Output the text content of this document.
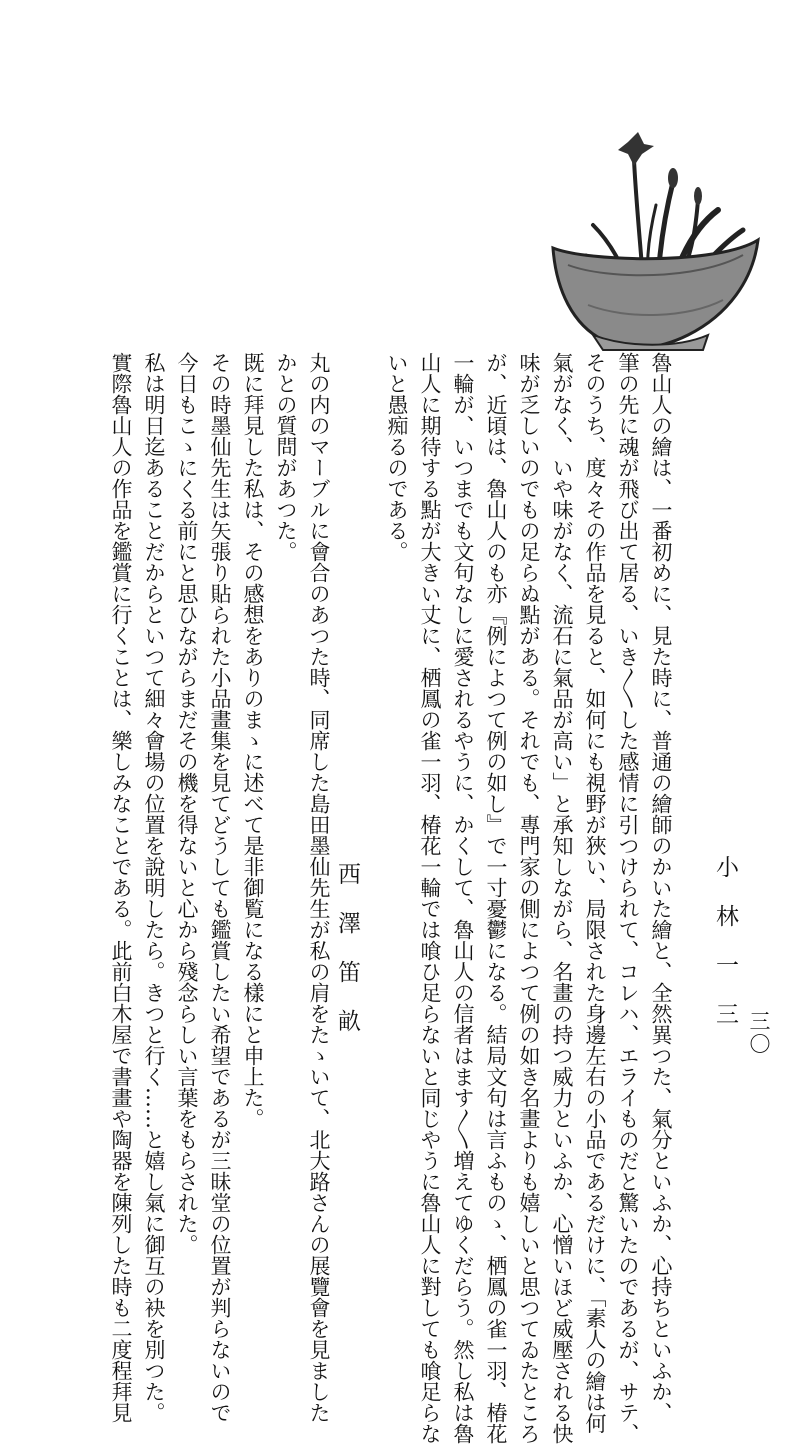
三〇
小林一三
魯山人の繪は、一番初めに、見た時に、普通の繪師のかいた繪と、全然異つた、氣分といふか、心持ちといふか、
筆の先に魂が飛び出て居る、いき〳〵した感情に引つけられて、コレハ、エライものだと驚いたのであるが、サテ、
そのうち、度々その作品を見ると、如何にも視野が狹い、局限された身邊左右の小品であるだけに、「素人の繪は何
氣がなく、いや味がなく、流石に氣品が高い」と承知しながら、名畫の持つ威力といふか、心憎いほど威壓される快
味が乏しいのでもの足らぬ點がある。それでも、專門家の側によつて例の如き名畫よりも嬉しいと思つてゐたところ
が、近頃は、魯山人のも亦『例によつて例の如し』で一寸憂鬱になる。結局文句は言ふものゝ、栖鳳の雀一羽、椿花
一輪が、いつまでも文句なしに愛されるやうに、かくして、魯山人の信者はます〳〵増えてゆくだらう。然し私は魯
山人に期待する點が大きい丈に、栖鳳の雀一羽、椿花一輪では喰ひ足らないと同じやうに魯山人に對しても喰足らな
いと愚痴るのである。
西澤笛畝
丸の内のマーブルに會合のあつた時、同席した島田墨仙先生が私の肩をたゝいて、北大路さんの展覽會を見ました
かとの質問があつた。
既に拜見した私は、その感想をありのまゝに述べて是非御覧になる樣にと申上た。
その時墨仙先生は矢張り貼られた小品畫集を見てどうしても鑑賞したい希望であるが三昧堂の位置が判らないので
今日もこゝにくる前にと思ひながらまだその機を得ないと心から殘念らしい言葉をもらされた。
私は明日迄あることだからといつて細々會場の位置を說明したら。きつと行く……と嬉し氣に御互の袂を別つた。
實際魯山人の作品を鑑賞に行くことは、樂しみなことである。此前白木屋で書畫や陶器を陳列した時も二度程拜見
